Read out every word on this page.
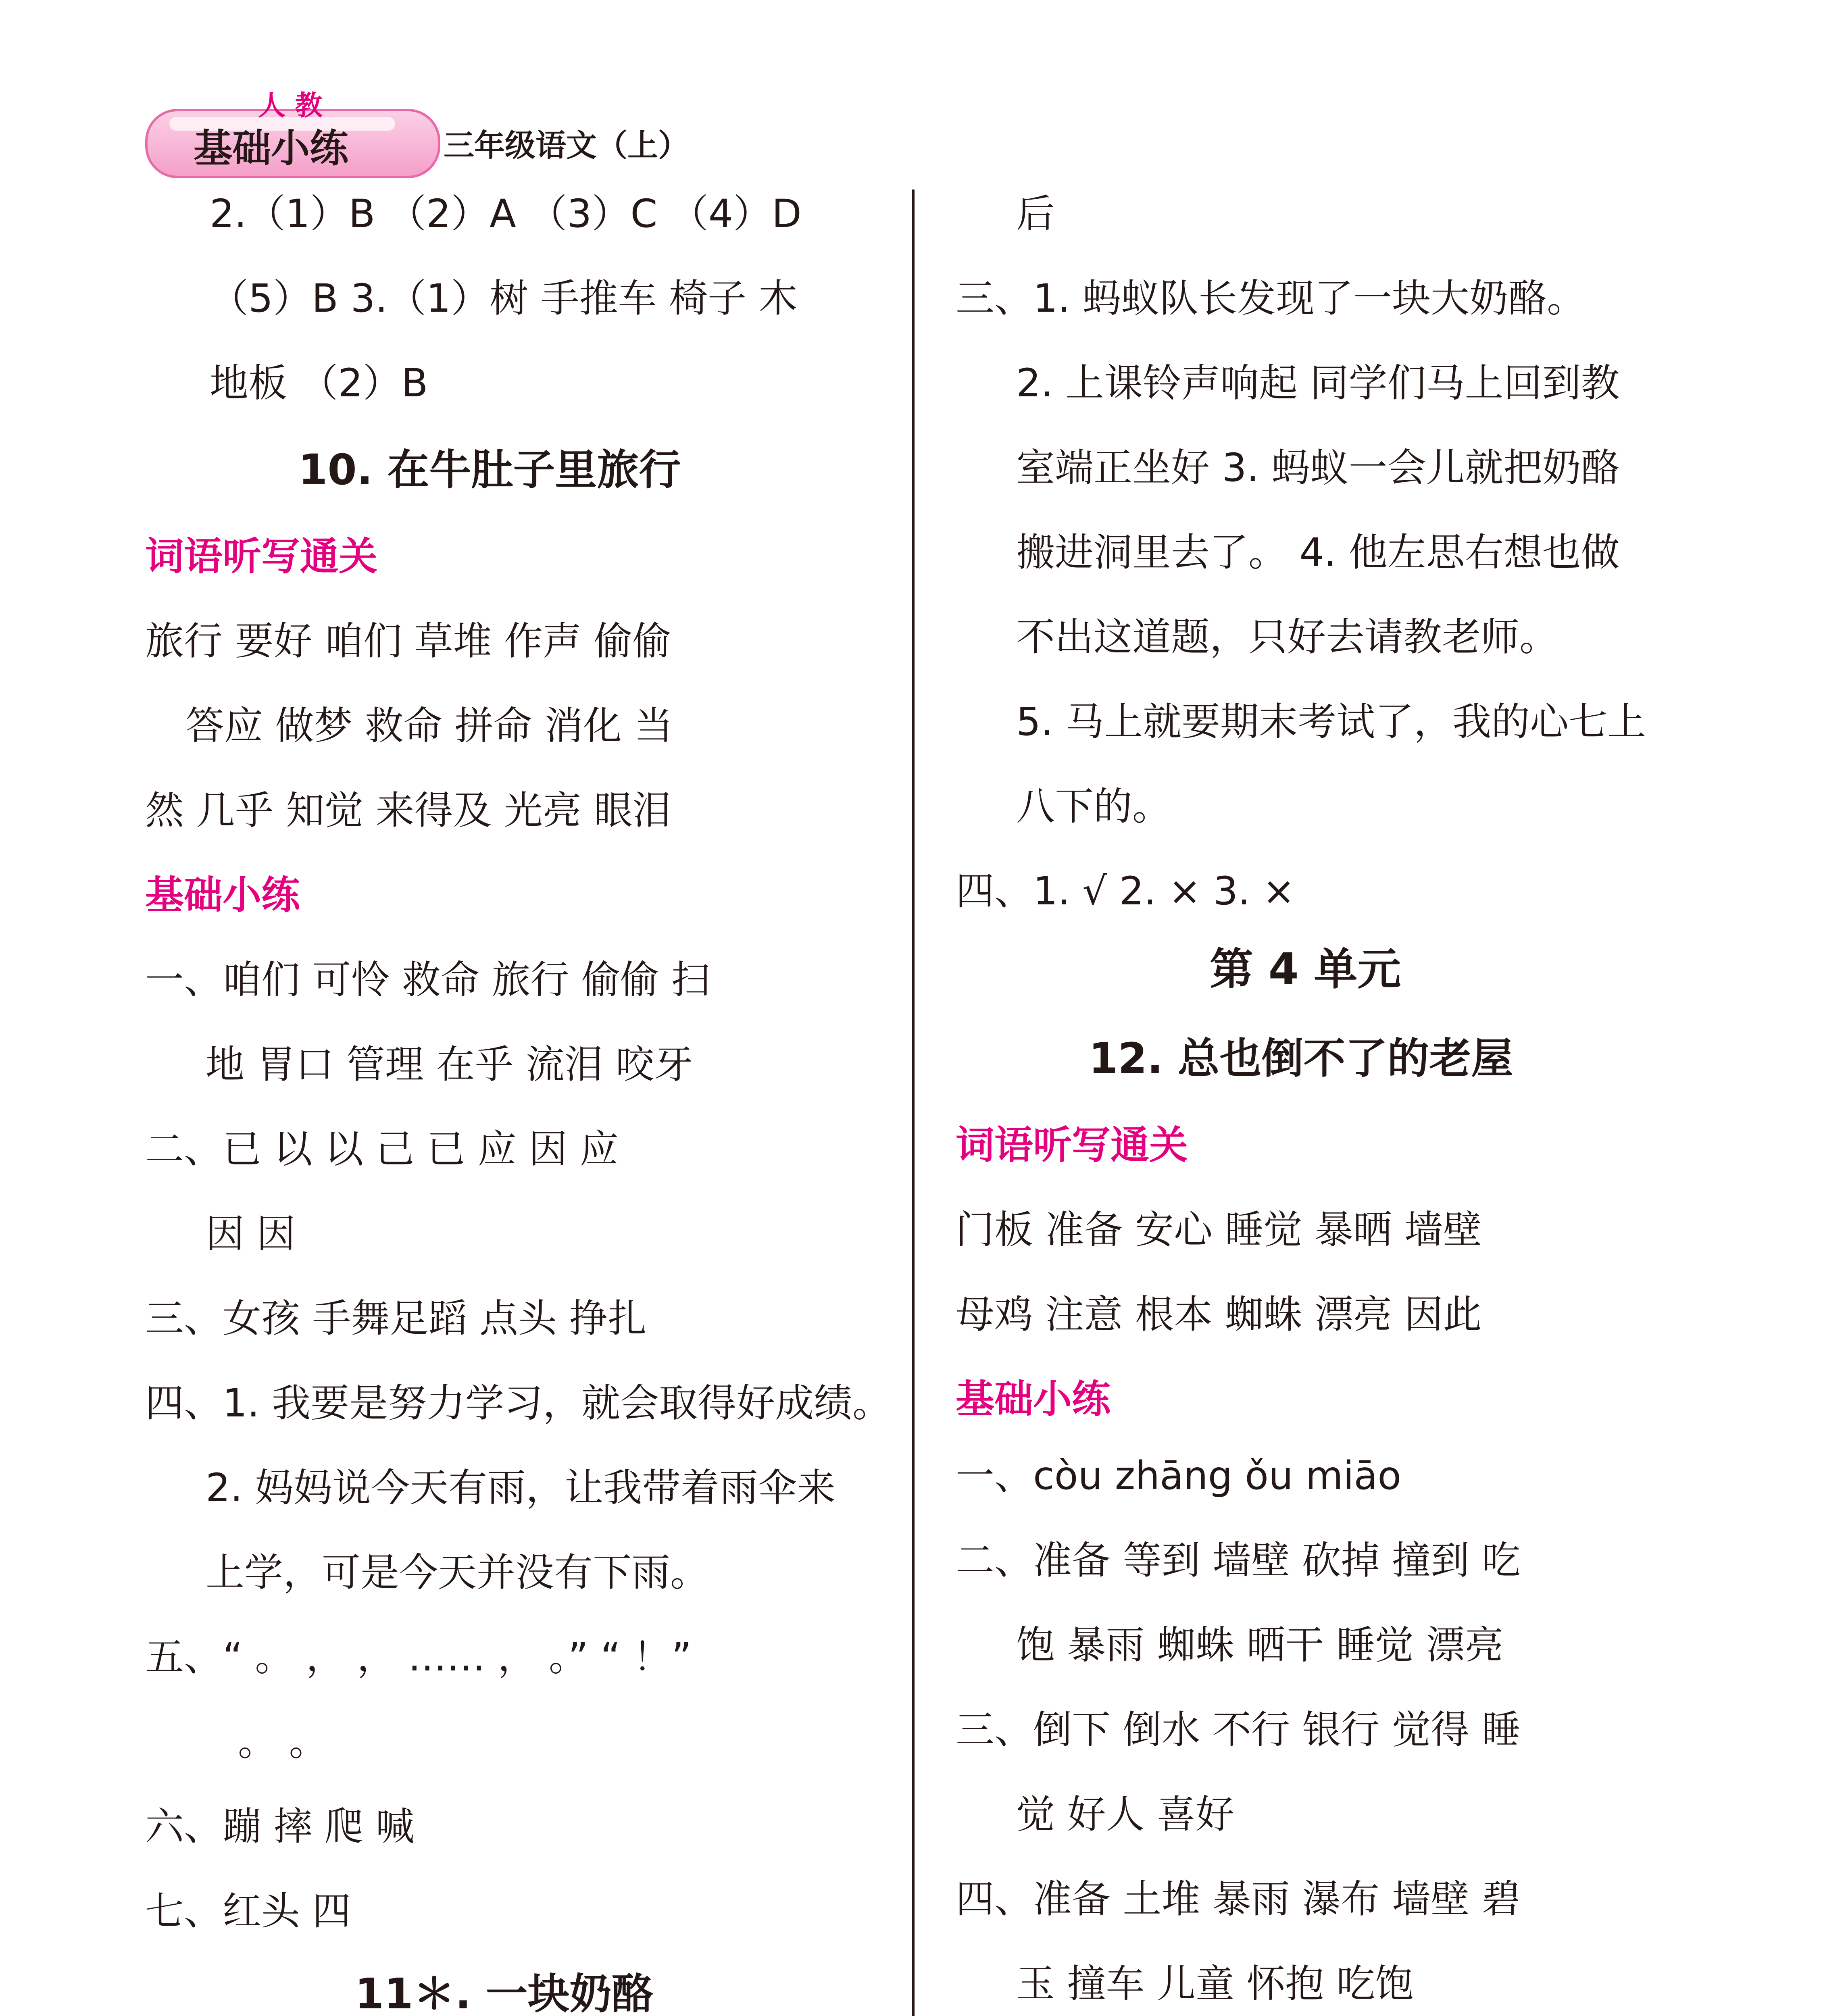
人 教
基础小练	三年级语文（上）
2.（1）B （2）A （3）C （4）D
（5）B 3.（1）树 手推车 椅子 木
地板 （2）B
10. 在牛肚子里旅行
词语听写通关
旅行 要好 咱们 草堆 作声 偷偷
答应 做梦 救命 拼命 消化 当
然 几乎 知觉 来得及 光亮 眼泪
基础小练
一、咱们 可怜 救命 旅行 偷偷 扫
地 胃口 管理 在乎 流泪 咬牙
二、已 以 以 己 已 应 因 应
因 因
三、女孩 手舞足蹈 点头 挣扎
四、1. 我要是努力学习，就会取得好成绩。
2. 妈妈说今天有雨，让我带着雨伞来
上学，可是今天并没有下雨。
五、“ 。 ， ， …… ， 。” “ ！”
。 。
六、蹦 摔 爬 喊
七、红头 四
11＊. 一块奶酪
后
三、1. 蚂蚁队长发现了一块大奶酪。
2. 上课铃声响起 同学们马上回到教
室端正坐好 3. 蚂蚁一会儿就把奶酪
搬进洞里去了。 4. 他左思右想也做
不出这道题，只好去请教老师。
5. 马上就要期末考试了，我的心七上
八下的。
四、1. √ 2. × 3. ×
第 4 单元
12. 总也倒不了的老屋
词语听写通关
门板 准备 安心 睡觉 暴晒 墙壁
母鸡 注意 根本 蜘蛛 漂亮 因此
基础小练
一、còu zhāng ǒu miāo
二、准备 等到 墙壁 砍掉 撞到 吃
饱 暴雨 蜘蛛 晒干 睡觉 漂亮
三、倒下 倒水 不行 银行 觉得 睡
觉 好人 喜好
四、准备 土堆 暴雨 瀑布 墙壁 碧
玉 撞车 儿童 怀抱 吃饱
